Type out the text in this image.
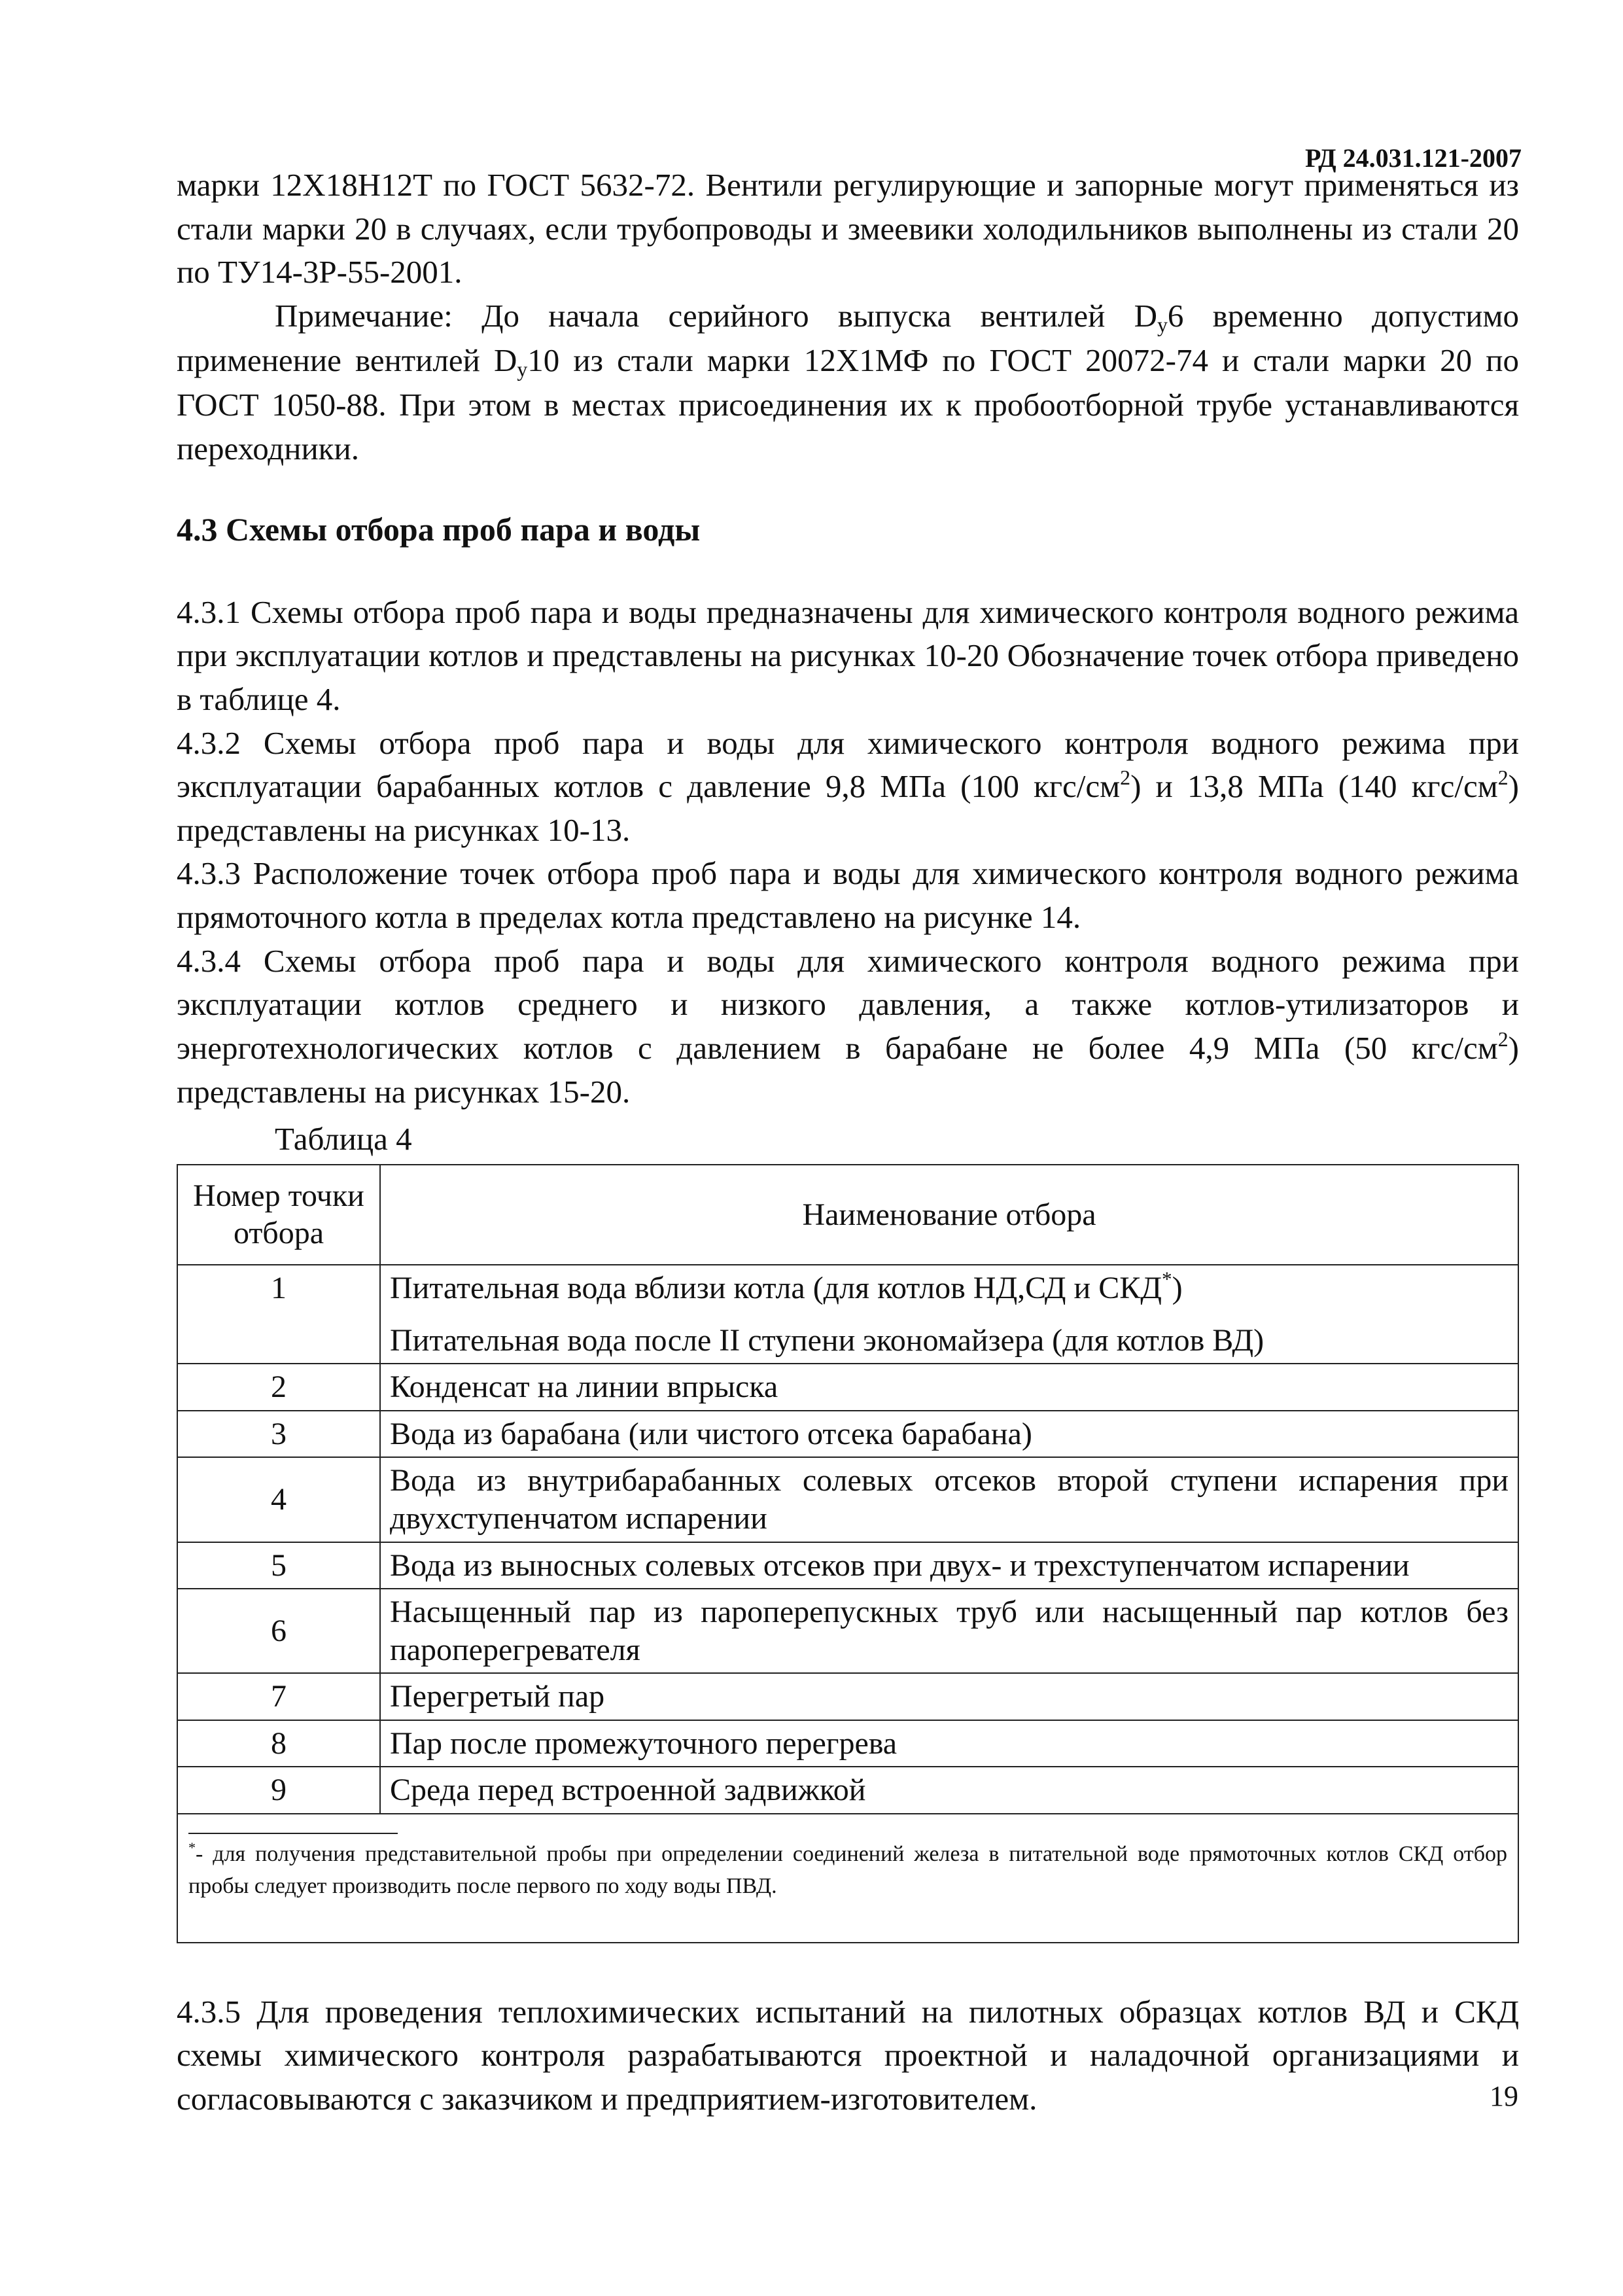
РД 24.031.121-2007

марки 12Х18Н12Т по ГОСТ 5632-72. Вентили регулирующие и запорные могут применяться из стали марки 20 в случаях, если трубопроводы и змеевики холодильников выполнены из стали 20 по ТУ14-3Р-55-2001.

Примечание: До начала серийного выпуска вентилей $D_у6$ временно допустимо применение вентилей $D_у10$ из стали марки 12Х1МФ по ГОСТ 20072-74 и стали марки 20 по ГОСТ 1050-88. При этом в местах присоединения их к пробоотборной трубе устанавливаются переходники.

4.3 Схемы отбора проб пара и воды

4.3.1 Схемы отбора проб пара и воды предназначены для химического контроля водного режима при эксплуатации котлов и представлены на рисунках 10-20 Обозначение точек отбора приведено в таблице 4.

4.3.2 Схемы отбора проб пара и воды для химического контроля водного режима при эксплуатации барабанных котлов с давление 9,8 МПа (100 кгс/$см^2$) и 13,8 МПа (140 кгс/$см^2$) представлены на рисунках 10-13.

4.3.3 Расположение точек отбора проб пара и воды для химического контроля водного режима прямоточного котла в пределах котла представлено на рисунке 14.

4.3.4 Схемы отбора проб пара и воды для химического контроля водного режима при эксплуатации котлов среднего и низкого давления, а также котлов-утилизаторов и энерготехнологических котлов с давлением в барабане не более 4,9 МПа (50 кгс/$см^2$) представлены на рисунках 15-20.

Таблица 4

Номер точки отбора	Наименование отбора
1	Питательная вода вблизи котла (для котлов НД,СД и СКД*)
Питательная вода после II ступени экономайзера (для котлов ВД)

2	Конденсат на линии впрыска
3	Вода из барабана (или чистого отсека барабана)
4	Вода из внутрибарабанных солевых отсеков второй ступени испарения при двухступенчатом испарении
5	Вода из выносных солевых отсеков при двух- и трехступенчатом испарении
6	Насыщенный пар из пароперепускных труб или насыщенный пар котлов без пароперегревателя
7	Перегретый пар
8	Пар после промежуточного перегрева
9	Среда перед встроенной задвижкой

*- для получения представительной пробы при определении соединений железа в питательной воде прямоточных котлов СКД отбор пробы следует производить после первого по ходу воды ПВД.	

4.3.5 Для проведения теплохимических испытаний на пилотных образцах котлов ВД и СКД схемы химического контроля разрабатываются проектной и наладочной организациями и согласовываются с заказчиком и предприятием-изготовителем.	19
